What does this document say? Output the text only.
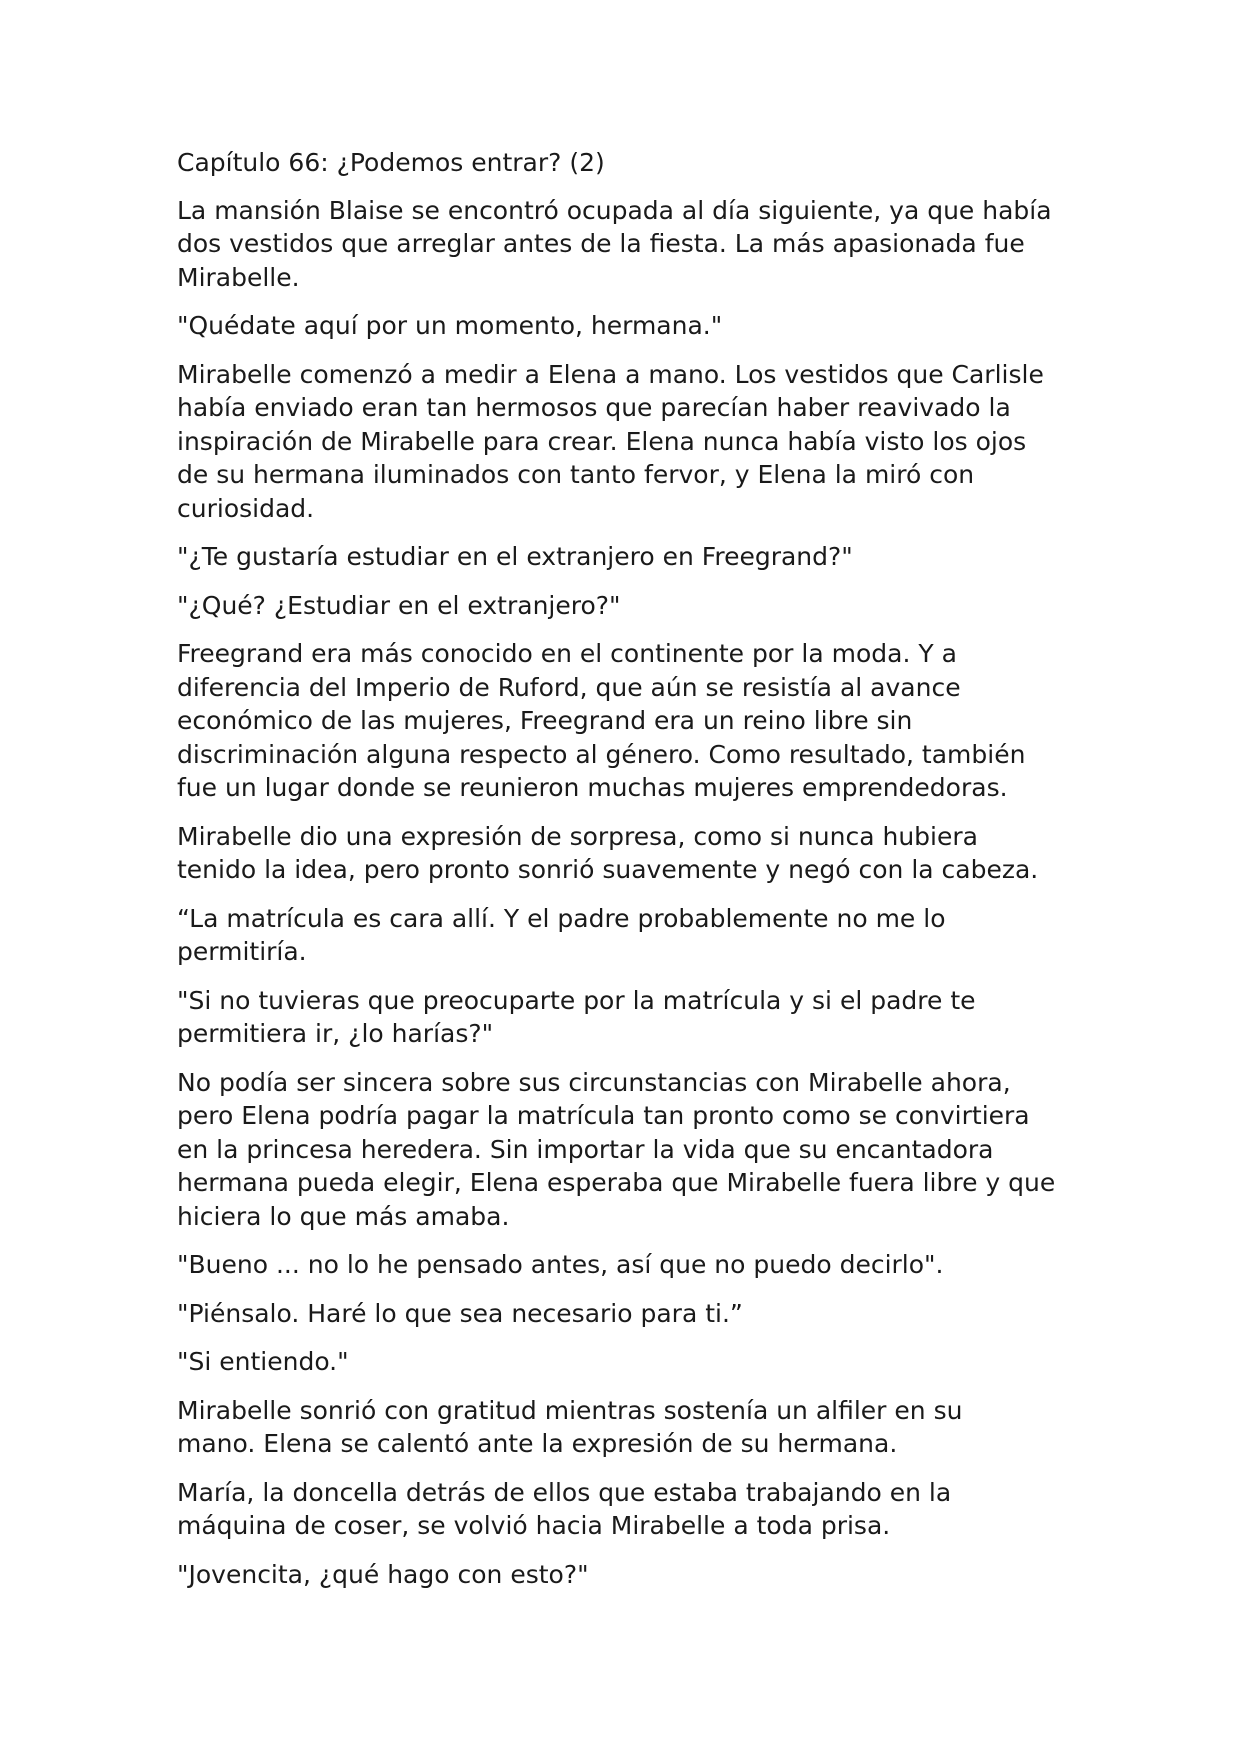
Capítulo 66: ¿Podemos entrar? (2)
La mansión Blaise se encontró ocupada al día siguiente, ya que había
dos vestidos que arreglar antes de la fiesta. La más apasionada fue
Mirabelle.
"Quédate aquí por un momento, hermana."
Mirabelle comenzó a medir a Elena a mano. Los vestidos que Carlisle
había enviado eran tan hermosos que parecían haber reavivado la
inspiración de Mirabelle para crear. Elena nunca había visto los ojos
de su hermana iluminados con tanto fervor, y Elena la miró con
curiosidad.
"¿Te gustaría estudiar en el extranjero en Freegrand?"
"¿Qué? ¿Estudiar en el extranjero?"
Freegrand era más conocido en el continente por la moda. Y a
diferencia del Imperio de Ruford, que aún se resistía al avance
económico de las mujeres, Freegrand era un reino libre sin
discriminación alguna respecto al género. Como resultado, también
fue un lugar donde se reunieron muchas mujeres emprendedoras.
Mirabelle dio una expresión de sorpresa, como si nunca hubiera
tenido la idea, pero pronto sonrió suavemente y negó con la cabeza.
“La matrícula es cara allí. Y el padre probablemente no me lo
permitiría.
"Si no tuvieras que preocuparte por la matrícula y si el padre te
permitiera ir, ¿lo harías?"
No podía ser sincera sobre sus circunstancias con Mirabelle ahora,
pero Elena podría pagar la matrícula tan pronto como se convirtiera
en la princesa heredera. Sin importar la vida que su encantadora
hermana pueda elegir, Elena esperaba que Mirabelle fuera libre y que
hiciera lo que más amaba.
"Bueno ... no lo he pensado antes, así que no puedo decirlo".
"Piénsalo. Haré lo que sea necesario para ti.”
"Si entiendo."
Mirabelle sonrió con gratitud mientras sostenía un alfiler en su
mano. Elena se calentó ante la expresión de su hermana.
María, la doncella detrás de ellos que estaba trabajando en la
máquina de coser, se volvió hacia Mirabelle a toda prisa.
"Jovencita, ¿qué hago con esto?"
